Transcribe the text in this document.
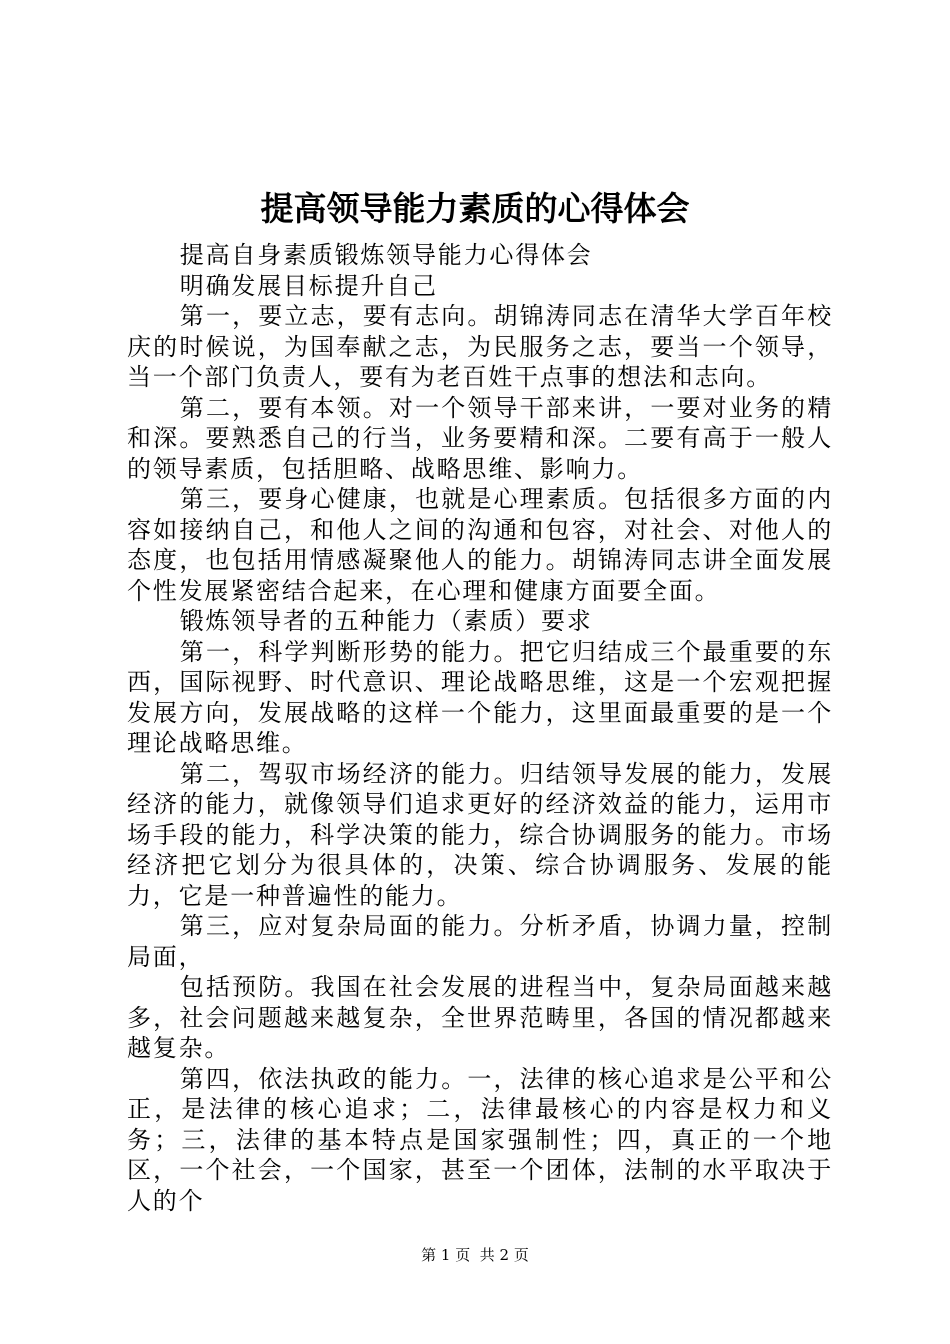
提高领导能力素质的心得体会

提高自身素质锻炼领导能力心得体会

明确发展目标提升自己

第一，要立志，要有志向。胡锦涛同志在清华大学百年校庆的时候说，为国奉献之志，为民服务之志，要当一个领导，当一个部门负责人，要有为老百姓干点事的想法和志向。

第二，要有本领。对一个领导干部来讲，一要对业务的精和深。要熟悉自己的行当，业务要精和深。二要有高于一般人的领导素质，包括胆略、战略思维、影响力。

第三，要身心健康，也就是心理素质。包括很多方面的内容如接纳自己，和他人之间的沟通和包容，对社会、对他人的态度，也包括用情感凝聚他人的能力。胡锦涛同志讲全面发展个性发展紧密结合起来，在心理和健康方面要全面。

锻炼领导者的五种能力（素质）要求

第一，科学判断形势的能力。把它归结成三个最重要的东西，国际视野、时代意识、理论战略思维，这是一个宏观把握发展方向，发展战略的这样一个能力，这里面最重要的是一个理论战略思维。

第二，驾驭市场经济的能力。归结领导发展的能力，发展经济的能力，就像领导们追求更好的经济效益的能力，运用市场手段的能力，科学决策的能力，综合协调服务的能力。市场经济把它划分为很具体的，决策、综合协调服务、发展的能力，它是一种普遍性的能力。

第三，应对复杂局面的能力。分析矛盾，协调力量，控制局面，

包括预防。我国在社会发展的进程当中，复杂局面越来越多，社会问题越来越复杂，全世界范畴里，各国的情况都越来越复杂。

第四，依法执政的能力。一，法律的核心追求是公平和公正，是法律的核心追求；二，法律最核心的内容是权力和义务；三，法律的基本特点是国家强制性；四，真正的一个地区，一个社会，一个国家，甚至一个团体，法制的水平取决于人的个

第 1 页 共 2 页
